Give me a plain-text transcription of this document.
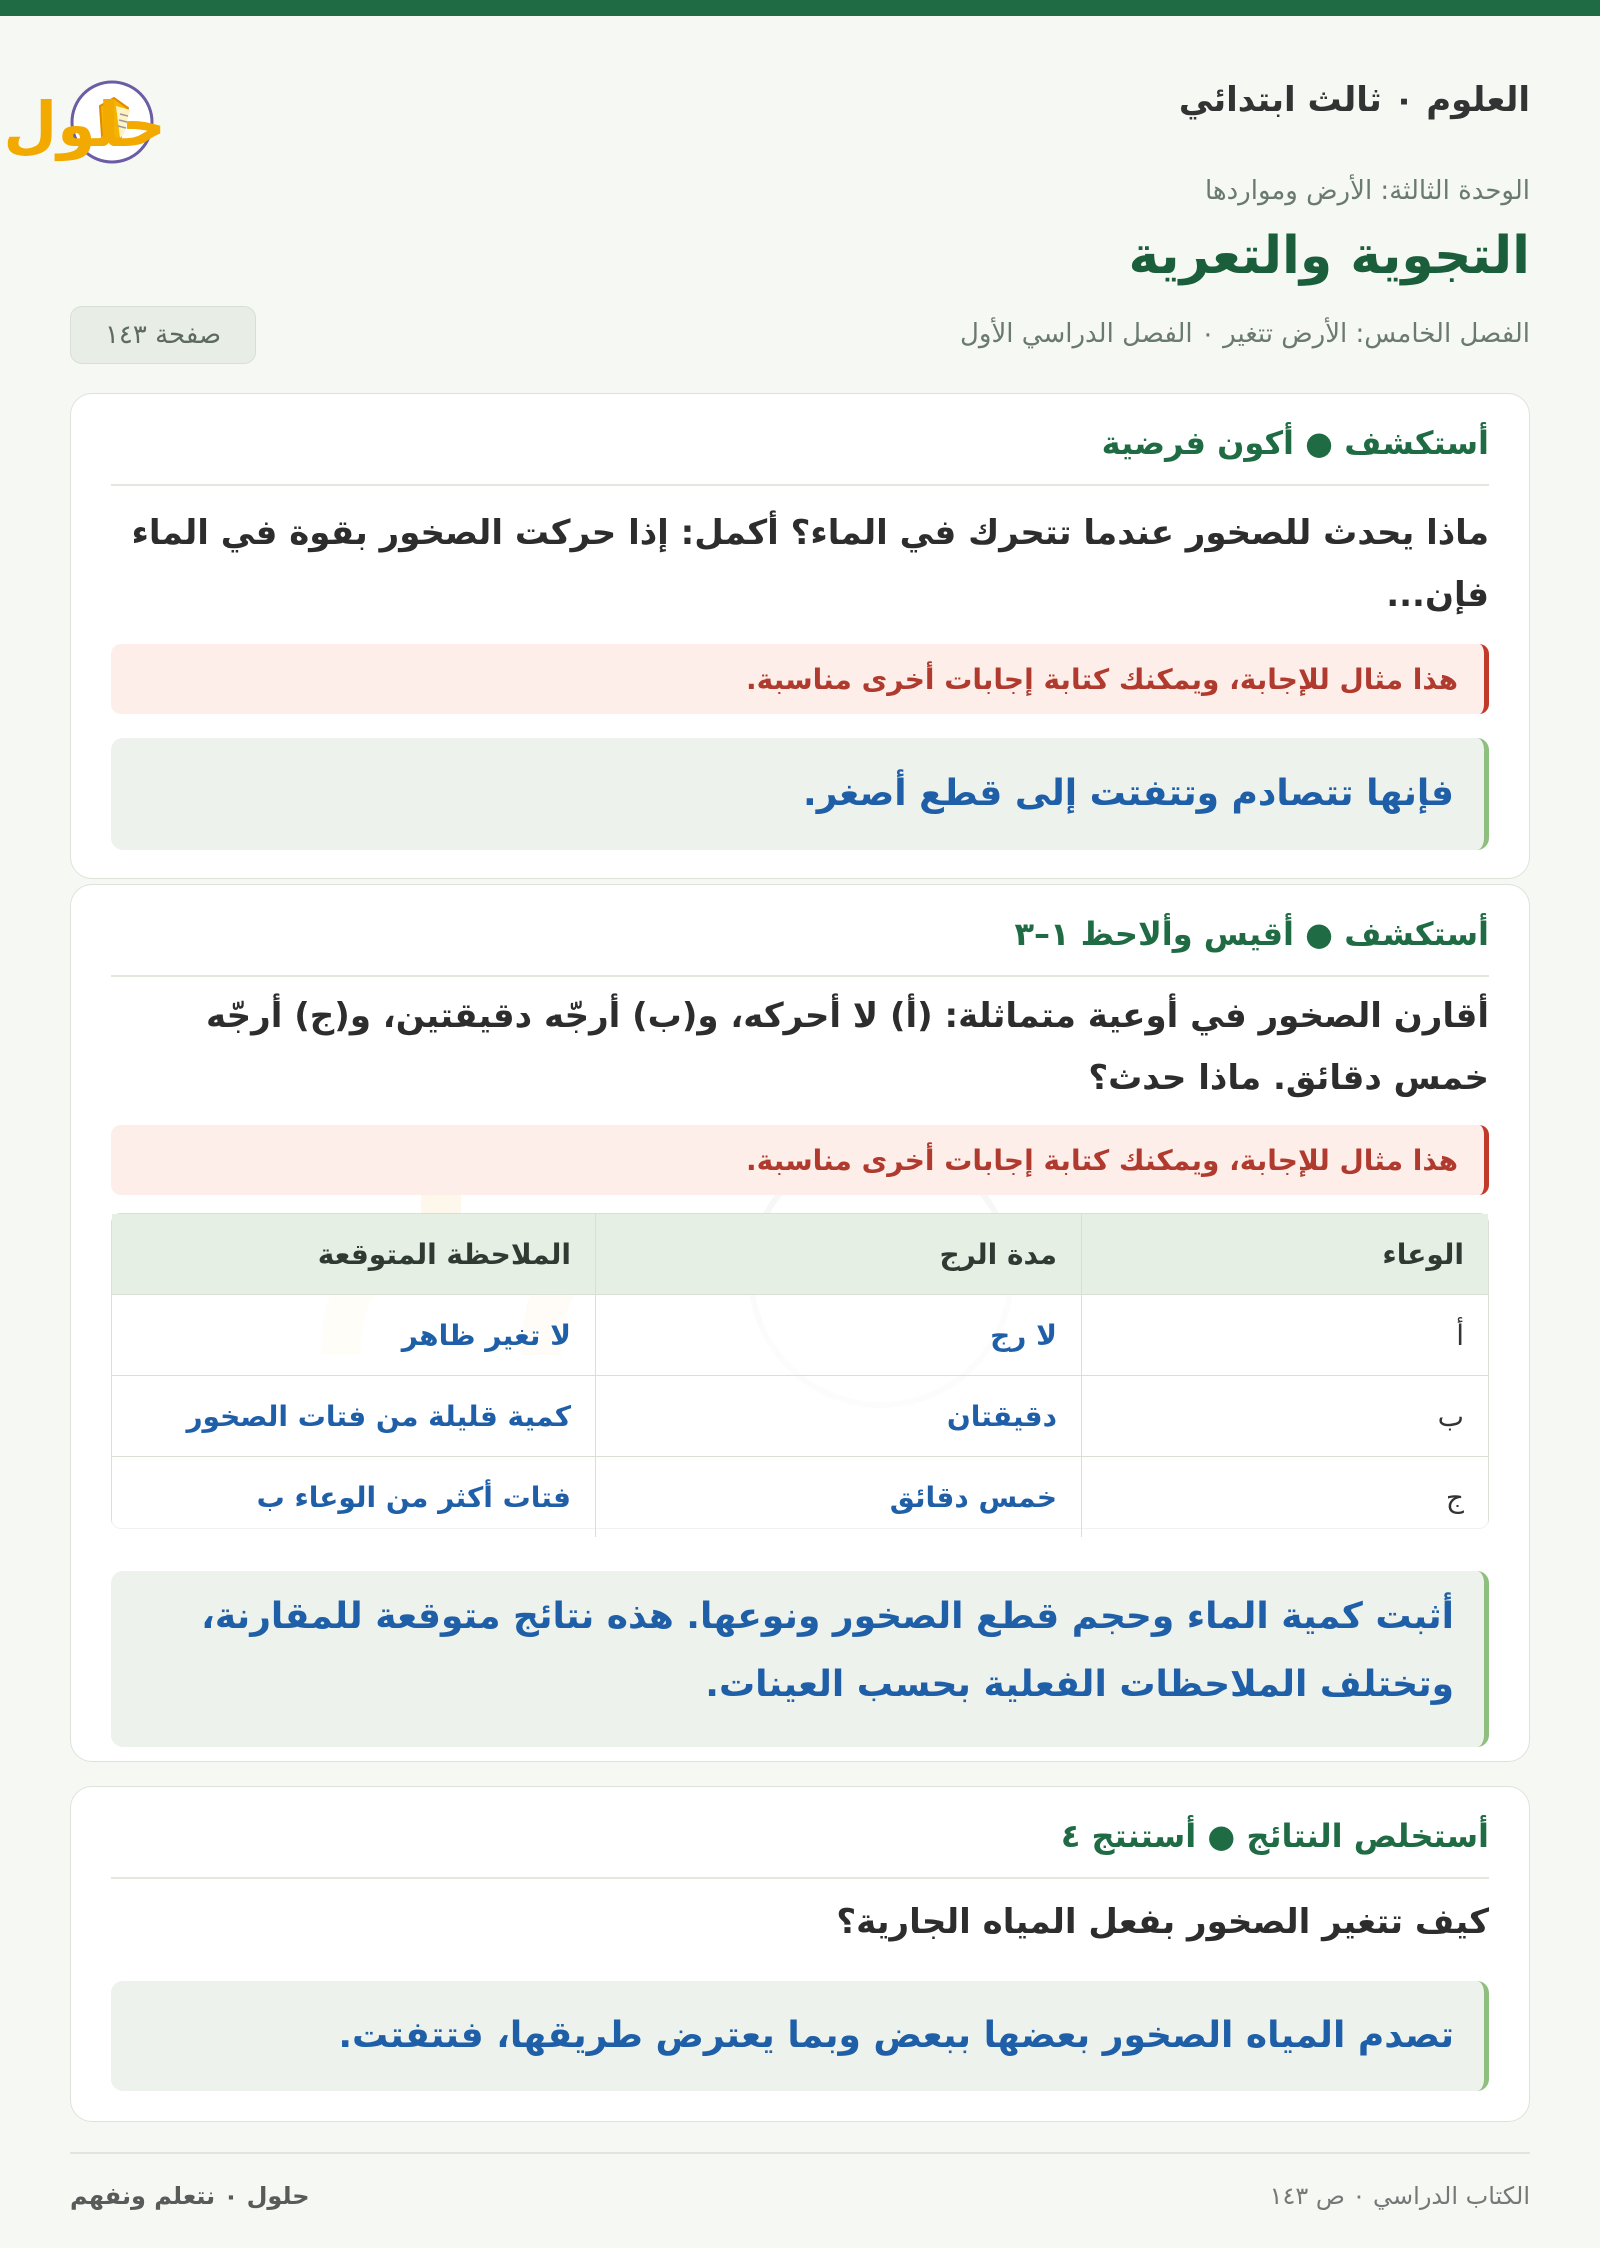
العلوم ٠ ثالث ابتدائي
حلول
الوحدة الثالثة: الأرض ومواردها
التجوية والتعرية
الفصل الخامس: الأرض تتغير ٠ الفصل الدراسي الأول
صفحة ١٤٣
أستكشف ● أكون فرضية
ماذا يحدث للصخور عندما تتحرك في الماء؟ أكمل: إذا حركت الصخور بقوة في الماء فإن...
هذا مثال للإجابة، ويمكنك كتابة إجابات أخرى مناسبة.
فإنها تتصادم وتتفتت إلى قطع أصغر.
أستكشف ● أقيس وألاحظ ١–٣
أقارن الصخور في أوعية متماثلة: (أ) لا أحركه، و(ب) أرجّه دقيقتين، و(ج) أرجّه خمس دقائق. ماذا حدث؟
هذا مثال للإجابة، ويمكنك كتابة إجابات أخرى مناسبة.
الوعاء	مدة الرج	الملاحظة المتوقعة
أ	لا رج	لا تغير ظاهر
ب	دقيقتان	كمية قليلة من فتات الصخور
ج	خمس دقائق	فتات أكثر من الوعاء ب
أثبت كمية الماء وحجم قطع الصخور ونوعها. هذه نتائج متوقعة للمقارنة، وتختلف الملاحظات الفعلية بحسب العينات.
أستخلص النتائج ● أستنتج ٤
كيف تتغير الصخور بفعل المياه الجارية؟
تصدم المياه الصخور بعضها ببعض وبما يعترض طريقها، فتتفتت.
الكتاب الدراسي ٠ ص ١٤٣
حلول ٠ نتعلم ونفهم
